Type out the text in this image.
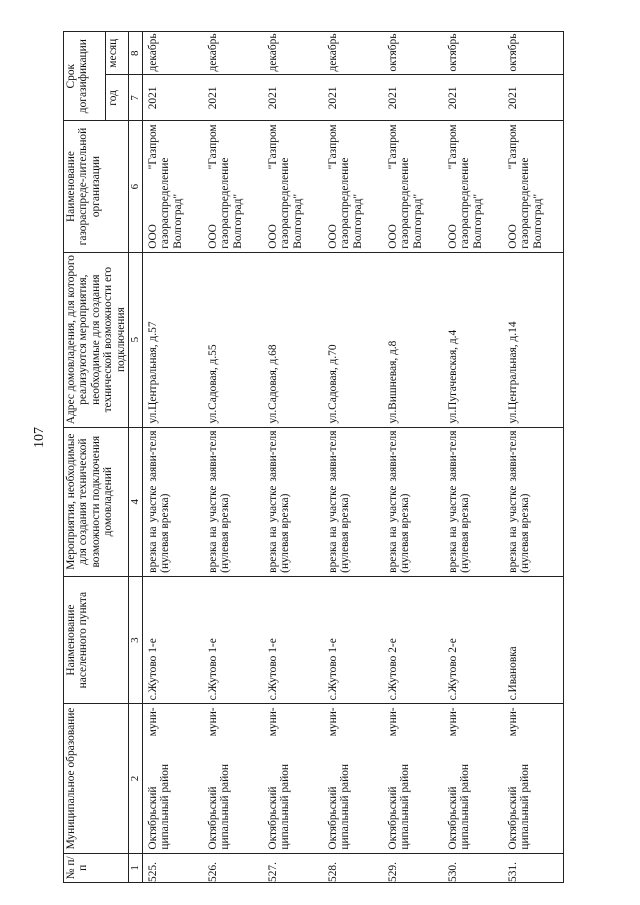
107
№ п/п	Муниципальное образование	Наименование населенного пункта	Мероприятия, необходимые для создания технической возможности подключения домовладений	Адрес домовладения, для которого реализуются мероприятия, необходимые для создания технической возможности его подключения	Наименование газораспреде-лительной организации	Срок догазификации	
						год	месяц
1	2	3	4	5	6	7	8
525.	Октябрьский муни-ципальный район	с.Жутово 1-е	врезка на участке заяви-теля (нулевая врезка)	ул.Центральная, д.57	ООО "Газпром газораспределение Волгоград"	2021	декабрь
526.	Октябрьский муни-ципальный район	с.Жутово 1-е	врезка на участке заяви-теля (нулевая врезка)	ул.Садовая, д.55	ООО "Газпром газораспределение Волгоград"	2021	декабрь
527.	Октябрьский муни-ципальный район	с.Жутово 1-е	врезка на участке заяви-теля (нулевая врезка)	ул.Садовая, д.68	ООО "Газпром газораспределение Волгоград"	2021	декабрь
528.	Октябрьский муни-ципальный район	с.Жутово 1-е	врезка на участке заяви-теля (нулевая врезка)	ул.Садовая, д.70	ООО "Газпром газораспределение Волгоград"	2021	декабрь
529.	Октябрьский муни-ципальный район	с.Жутово 2-е	врезка на участке заяви-теля (нулевая врезка)	ул.Вишневая, д.8	ООО "Газпром газораспределение Волгоград"	2021	октябрь
530.	Октябрьский муни-ципальный район	с.Жутово 2-е	врезка на участке заяви-теля (нулевая врезка)	ул.Пугачевская, д.4	ООО "Газпром газораспределение Волгоград"	2021	октябрь
531.	Октябрьский муни-ципальный район	с.Ивановка	врезка на участке заяви-теля (нулевая врезка)	ул.Центральная, д.14	ООО "Газпром газораспределение Волгоград"	2021	октябрь
